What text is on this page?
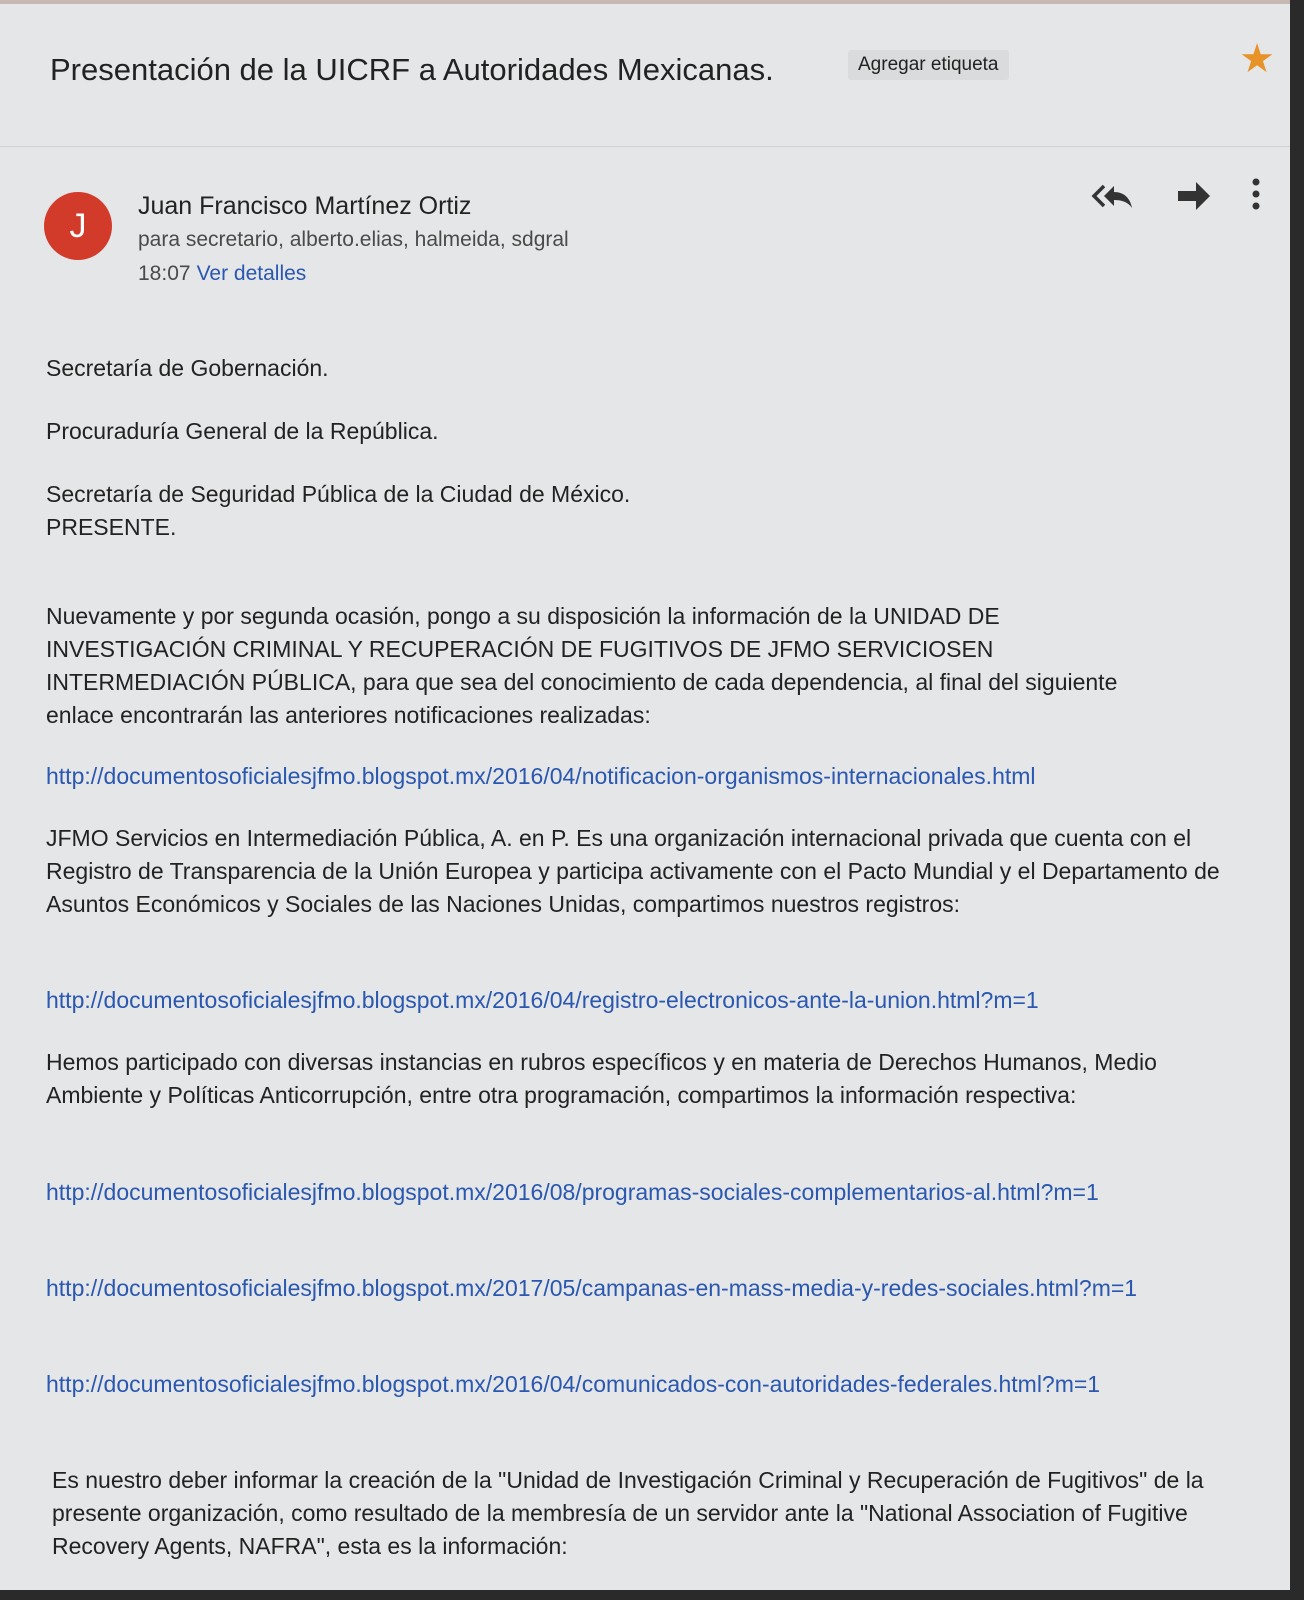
Presentación de la UICRF a Autoridades Mexicanas.	Agregar etiqueta	★
J
Juan Francisco Martínez Ortiz
para secretario, alberto.elias, halmeida, sdgral
18:07 Ver detalles
Secretaría de Gobernación.
Procuraduría General de la República.
Secretaría de Seguridad Pública de la Ciudad de México.
PRESENTE.
Nuevamente y por segunda ocasión, pongo a su disposición la información de la UNIDAD DE INVESTIGACIÓN CRIMINAL Y RECUPERACIÓN DE FUGITIVOS DE JFMO SERVICIOSEN INTERMEDIACIÓN PÚBLICA, para que sea del conocimiento de cada dependencia, al final del siguiente enlace encontrarán las anteriores notificaciones realizadas:
http://documentosoficialesjfmo.blogspot.mx/2016/04/notificacion-organismos-internacionales.html
JFMO Servicios en Intermediación Pública, A. en P. Es una organización internacional privada que cuenta con el Registro de Transparencia de la Unión Europea y participa activamente con el Pacto Mundial y el Departamento de Asuntos Económicos y Sociales de las Naciones Unidas, compartimos nuestros registros:
http://documentosoficialesjfmo.blogspot.mx/2016/04/registro-electronicos-ante-la-union.html?m=1
Hemos participado con diversas instancias en rubros específicos y en materia de Derechos Humanos, Medio Ambiente y Políticas Anticorrupción, entre otra programación, compartimos la información respectiva:
http://documentosoficialesjfmo.blogspot.mx/2016/08/programas-sociales-complementarios-al.html?m=1
http://documentosoficialesjfmo.blogspot.mx/2017/05/campanas-en-mass-media-y-redes-sociales.html?m=1
http://documentosoficialesjfmo.blogspot.mx/2016/04/comunicados-con-autoridades-federales.html?m=1
Es nuestro deber informar la creación de la "Unidad de Investigación Criminal y Recuperación de Fugitivos" de la presente organización, como resultado de la membresía de un servidor ante la "National Association of Fugitive Recovery Agents, NAFRA", esta es la información:
